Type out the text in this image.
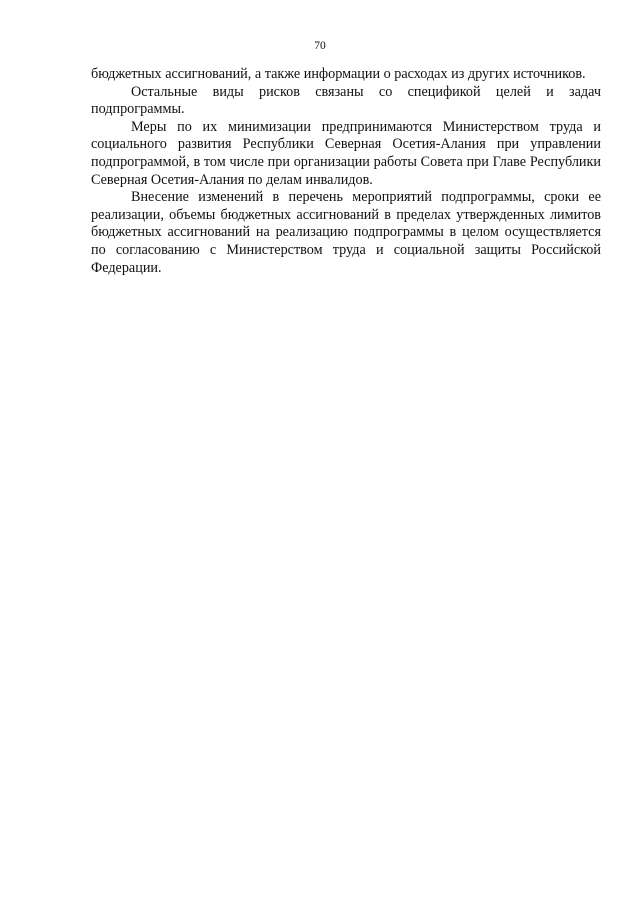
70

бюджетных ассигнований, а также информации о расходах из других источников.

Остальные виды рисков связаны со спецификой целей и задач подпрограммы.

Меры по их минимизации предпринимаются Министерством труда и социального развития Республики Северная Осетия-Алания при управлении подпрограммой, в том числе при организации работы Совета при Главе Республики Северная Осетия-Алания по делам инвалидов.

Внесение изменений в перечень мероприятий подпрограммы, сроки ее реализации, объемы бюджетных ассигнований в пределах утвержденных лимитов бюджетных ассигнований на реализацию подпрограммы в целом осуществляется по согласованию с Министерством труда и социальной защиты Российской Федерации.
